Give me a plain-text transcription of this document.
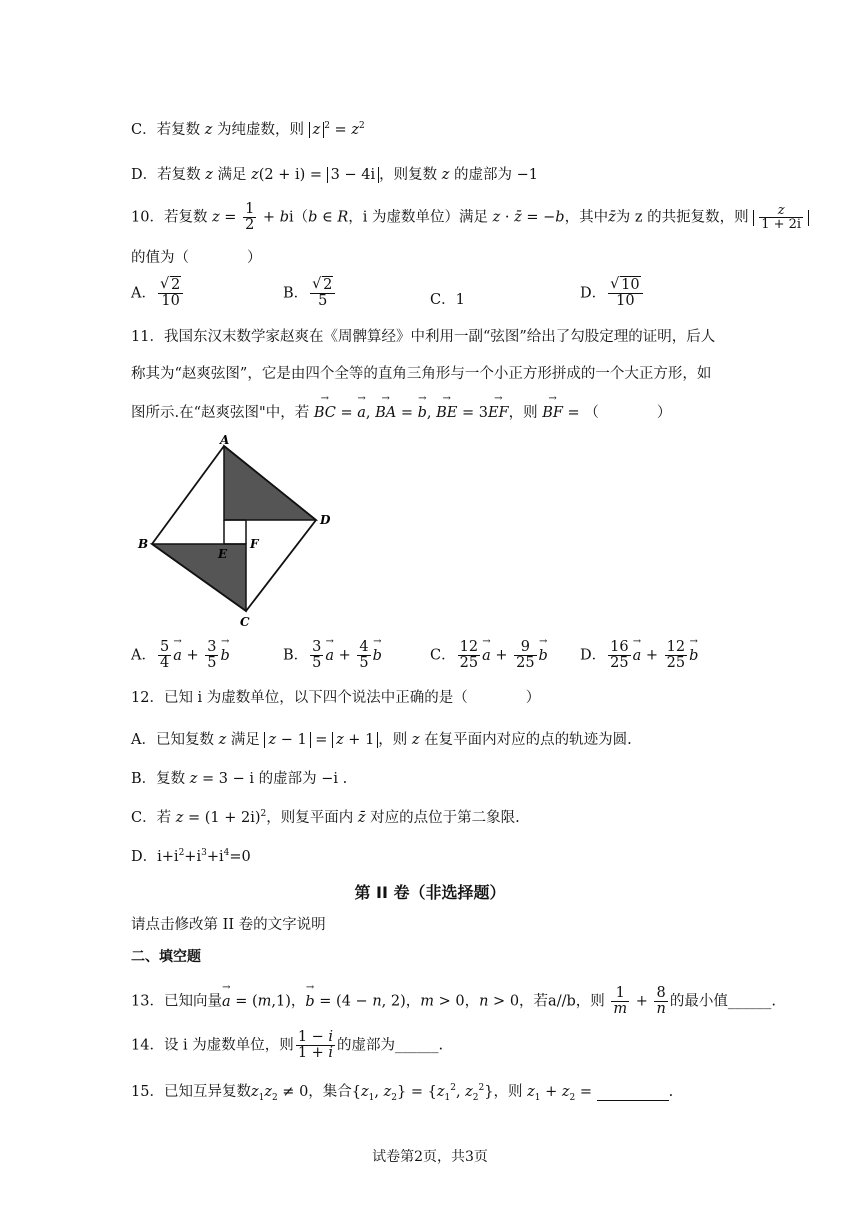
C．若复数 z 为纯虚数，则 z $^2 = z^2$
D．若复数 z 满足 z(2 + i) = 3 − 4i ，则复数 z 的虚部为 −1
10．若复数 $z = \frac{1}{2} + bi(b$ ∈ R，i 为虚数单位）满足 z · z̄ = −b，其中z̄为 z 的共扼复数，则 $\frac{z}{1 + 2i}$
的值为（　　　　）
A．
√ $\frac{2}{10}$	B．
√ $\frac{2}{5}$	C．1	D．
√ $\frac{10}{10}$
11．我国东汉末数学家赵爽在《周髀算经》中利用一副“弦图”给出了勾股定理的证明，后人
称其为“赵爽弦图”，它是由四个全等的直角三角形与一个小正方形拼成的一个大正方形，如
图所示.在“赵爽弦图"中，若 → BC = → a, → BA = → b, → BE = 3→ EF，则 → BF = （　　　　）
A
B
C
D
E
F
A． $\frac{5}{4}$
→ $a + \frac{3}{5}$
→ b	B． $\frac{3}{5}$
→ $a + \frac{4}{5}$
→ b	C． $\frac{12}{25}$
→ $a + \frac{9}{25}$
→ b D． $\frac{16}{25}$
→ $a + \frac{12}{25}$
→ b
12．已知 i 为虚数单位，以下四个说法中正确的是（　　　　）
A．已知复数 z 满足 z − 1 = z + 1 ，则 z 在复平面内对应的点的轨迹为圆.
B．复数 z = 3 − i 的虚部为 −i .
C．若 $z = (1 + 2i)^2$，则复平面内 z̄ 对应的点位于第二象限.
D．$i+i^2+i^3+i^4=0$
第 II 卷（非选择题）
请点击修改第 II 卷的文字说明
二、填空题
13．已知向量→ a = (m,1)，→ b = (4 − n, 2)，m > 0，n > 0，若a//b，则 $\frac{1}{m} + \frac{8}{n}$ 的最小值______.
14．设 i 为虚数单位，则 $\frac{1 - i}{1 + i}$ 的虚部为______.
15．已知互异复数$z_1z_2 \ne 0$，集合{$z_1$, $z_2\} = \{z_1^2$, $z_2^2$}，则 $z_1 + z_2$ =	.
试卷第2页，共3页
